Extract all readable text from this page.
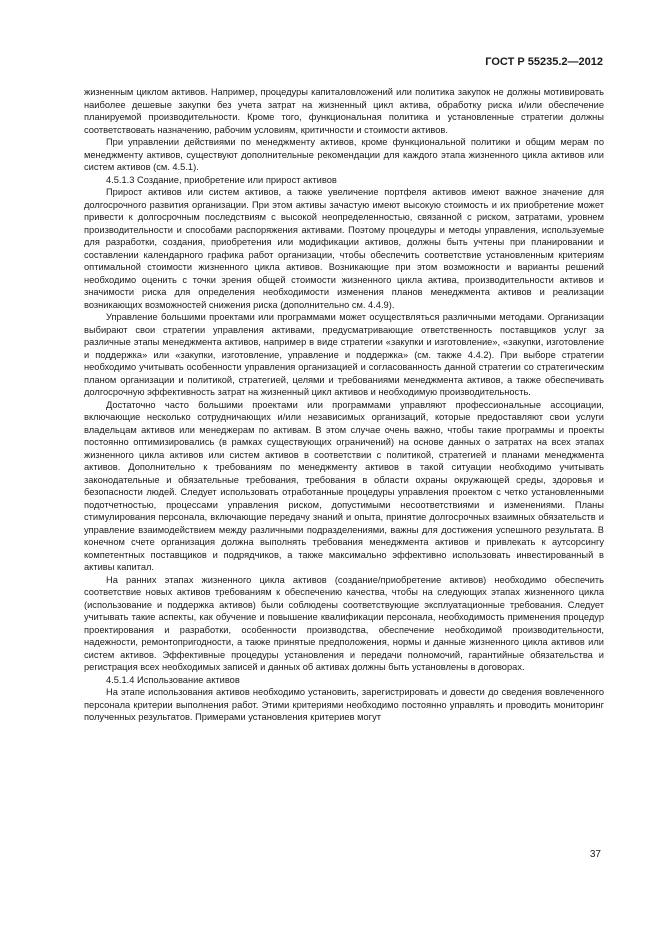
ГОСТ Р 55235.2—2012

жизненным циклом активов. Например, процедуры капиталовложений или политика закупок не должны мотивировать наиболее дешевые закупки без учета затрат на жизненный цикл актива, обработку риска и/или обеспечение планируемой производительности. Кроме того, функциональная политика и установленные стратегии должны соответствовать назначению, рабочим условиям, критичности и стоимости активов.

При управлении действиями по менеджменту активов, кроме функциональной политики и общим мерам по менеджменту активов, существуют дополнительные рекомендации для каждого этапа жизненного цикла активов или систем активов (см. 4.5.1).

4.5.1.3 Создание, приобретение или прирост активов

Прирост активов или систем активов, а также увеличение портфеля активов имеют важное значение для долгосрочного развития организации. При этом активы зачастую имеют высокую стоимость и их приобретение может привести к долгосрочным последствиям с высокой неопределенностью, связанной с риском, затратами, уровнем производительности и способами распоряжения активами. Поэтому процедуры и методы управления, используемые для разработки, создания, приобретения или модификации активов, должны быть учтены при планировании и составлении календарного графика работ организации, чтобы обеспечить соответствие установленным критериям оптимальной стоимости жизненного цикла активов. Возникающие при этом возможности и варианты решений необходимо оценить с точки зрения общей стоимости жизненного цикла актива, производительности активов и значимости риска для определения необходимости изменения планов менеджмента активов и реализации возникающих возможностей снижения риска (дополнительно см. 4.4.9).

Управление большими проектами или программами может осуществляться различными методами. Организации выбирают свои стратегии управления активами, предусматривающие ответственность поставщиков услуг за различные этапы менеджмента активов, например в виде стратегии «закупки и изготовление», «закупки, изготовление и поддержка» или «закупки, изготовление, управление и поддержка» (см. также 4.4.2). При выборе стратегии необходимо учитывать особенности управления организацией и согласованность данной стратегии со стратегическим планом организации и политикой, стратегией, целями и требованиями менеджмента активов, а также обеспечивать долгосрочную эффективность затрат на жизненный цикл активов и необходимую производительность.

Достаточно часто большими проектами или программами управляют профессиональные ассоциации, включающие несколько сотрудничающих и/или независимых организаций, которые предоставляют свои услуги владельцам активов или менеджерам по активам. В этом случае очень важно, чтобы такие программы и проекты постоянно оптимизировались (в рамках существующих ограничений) на основе данных о затратах на всех этапах жизненного цикла активов или систем активов в соответствии с политикой, стратегией и планами менеджмента активов. Дополнительно к требованиям по менеджменту активов в такой ситуации необходимо учитывать законодательные и обязательные требования, требования в области охраны окружающей среды, здоровья и безопасности людей. Следует использовать отработанные процедуры управления проектом с четко установленными подотчетностью, процессами управления риском, допустимыми несоответствиями и изменениями. Планы стимулирования персонала, включающие передачу знаний и опыта, принятие долгосрочных взаимных обязательств и управление взаимодействием между различными подразделениями, важны для достижения успешного результата. В конечном счете организация должна выполнять требования менеджмента активов и привлекать к аутсорсингу компетентных поставщиков и подрядчиков, а также максимально эффективно использовать инвестированный в активы капитал.

На ранних этапах жизненного цикла активов (создание/приобретение активов) необходимо обеспечить соответствие новых активов требованиям к обеспечению качества, чтобы на следующих этапах жизненного цикла (использование и поддержка активов) были соблюдены соответствующие эксплуатационные требования. Следует учитывать такие аспекты, как обучение и повышение квалификации персонала, необходимость применения процедур проектирования и разработки, особенности производства, обеспечение необходимой производительности, надежности, ремонтопригодности, а также принятые предположения, нормы и данные жизненного цикла активов или систем активов. Эффективные процедуры установления и передачи полномочий, гарантийные обязательства и регистрация всех необходимых записей и данных об активах должны быть установлены в договорах.

4.5.1.4 Использование активов

На этапе использования активов необходимо установить, зарегистрировать и довести до сведения вовлеченного персонала критерии выполнения работ. Этими критериями необходимо постоянно управлять и проводить мониторинг полученных результатов. Примерами установления критериев могут

37
